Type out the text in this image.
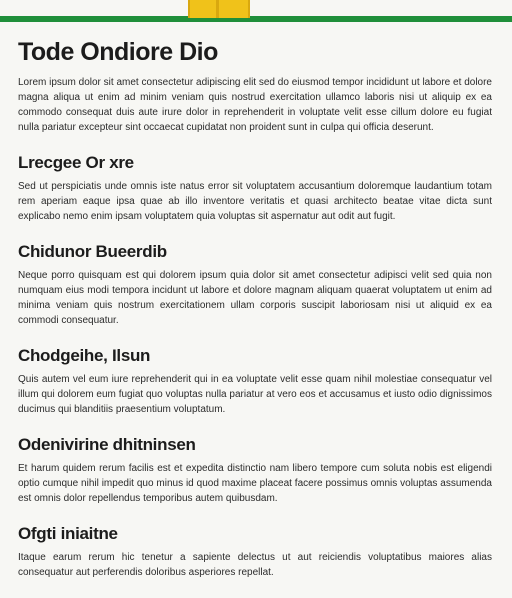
Tode Ondiore Dio

Lorem ipsum dolor sit amet consectetur adipiscing elit sed do eiusmod tempor incididunt ut labore et dolore magna aliqua ut enim ad minim veniam quis nostrud exercitation ullamco laboris nisi ut aliquip ex ea commodo consequat duis aute irure dolor in reprehenderit in voluptate velit esse cillum dolore eu fugiat nulla pariatur excepteur sint occaecat cupidatat non proident sunt in culpa qui officia deserunt.

Lrecgee Or xre

Sed ut perspiciatis unde omnis iste natus error sit voluptatem accusantium doloremque laudantium totam rem aperiam eaque ipsa quae ab illo inventore veritatis et quasi architecto beatae vitae dicta sunt explicabo nemo enim ipsam voluptatem quia voluptas sit aspernatur aut odit aut fugit.

Chidunor Bueerdib

Neque porro quisquam est qui dolorem ipsum quia dolor sit amet consectetur adipisci velit sed quia non numquam eius modi tempora incidunt ut labore et dolore magnam aliquam quaerat voluptatem ut enim ad minima veniam quis nostrum exercitationem ullam corporis suscipit laboriosam nisi ut aliquid ex ea commodi consequatur.

Chodgeihe, Ilsun

Quis autem vel eum iure reprehenderit qui in ea voluptate velit esse quam nihil molestiae consequatur vel illum qui dolorem eum fugiat quo voluptas nulla pariatur at vero eos et accusamus et iusto odio dignissimos ducimus qui blanditiis praesentium voluptatum.

Odenivirine dhitninsen

Et harum quidem rerum facilis est et expedita distinctio nam libero tempore cum soluta nobis est eligendi optio cumque nihil impedit quo minus id quod maxime placeat facere possimus omnis voluptas assumenda est omnis dolor repellendus temporibus autem quibusdam.

Ofgti iniaitne

Itaque earum rerum hic tenetur a sapiente delectus ut aut reiciendis voluptatibus maiores alias consequatur aut perferendis doloribus asperiores repellat.
